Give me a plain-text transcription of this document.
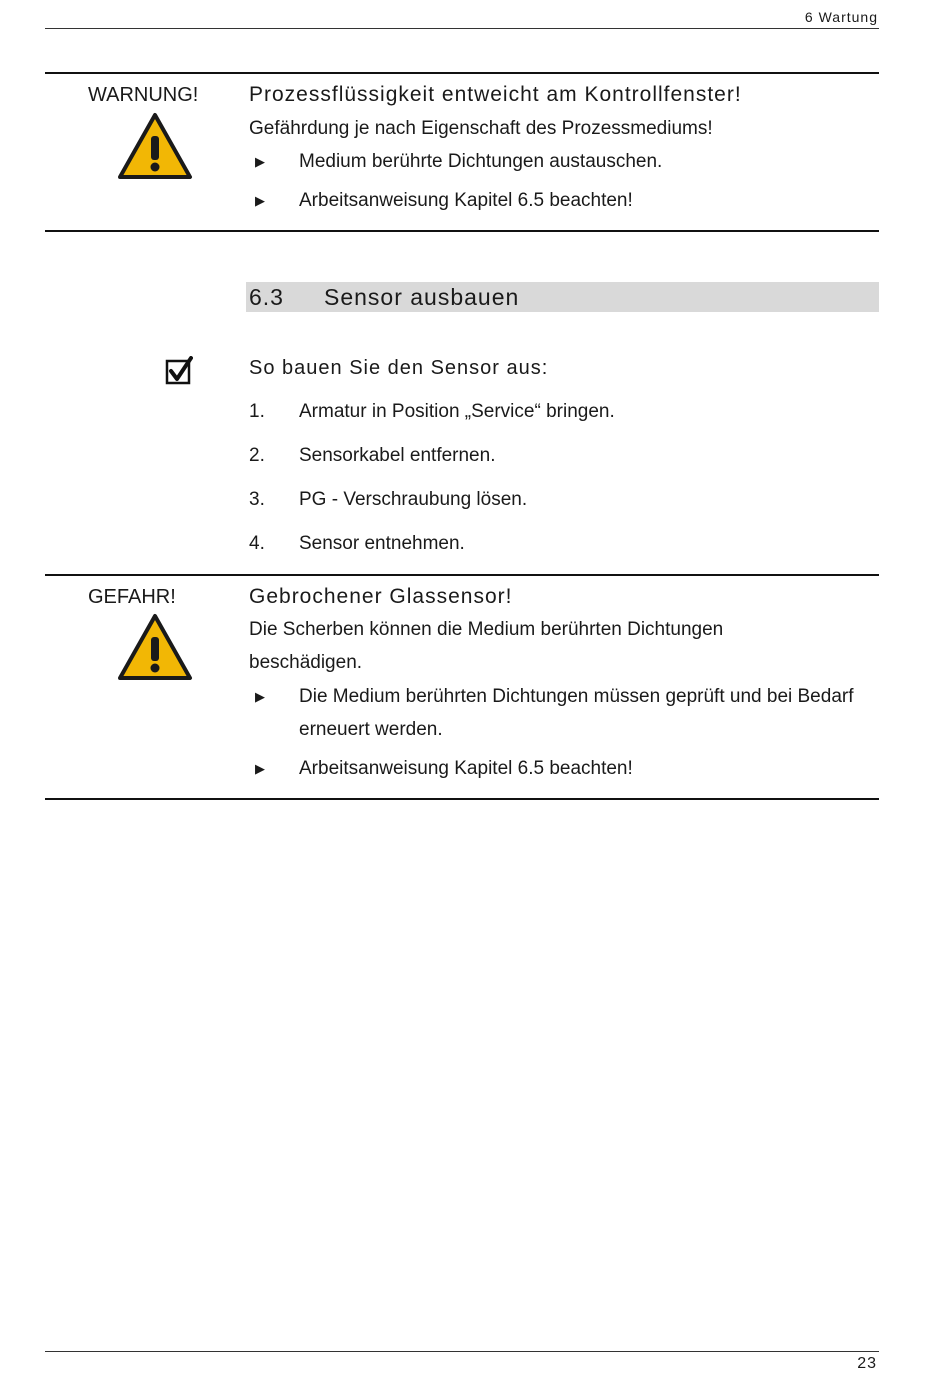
6 Wartung
WARNUNG! Prozessflüssigkeit entweicht am Kontrollfenster!
Gefährdung je nach Eigenschaft des Prozessmediums!
▶ Medium berührte Dichtungen austauschen.
▶ Arbeitsanweisung Kapitel 6.5 beachten!
6.3 Sensor ausbauen
So bauen Sie den Sensor aus:
1. Armatur in Position „Service“ bringen.
2. Sensorkabel entfernen.
3. PG - Verschraubung lösen.
4. Sensor entnehmen.
GEFAHR!	Gebrochener Glassensor!
Die Scherben können die Medium berührten Dichtungen beschädigen.
▶ Die Medium berührten Dichtungen müssen geprüft und bei Bedarf erneuert werden.
▶ Arbeitsanweisung Kapitel 6.5 beachten!
23
